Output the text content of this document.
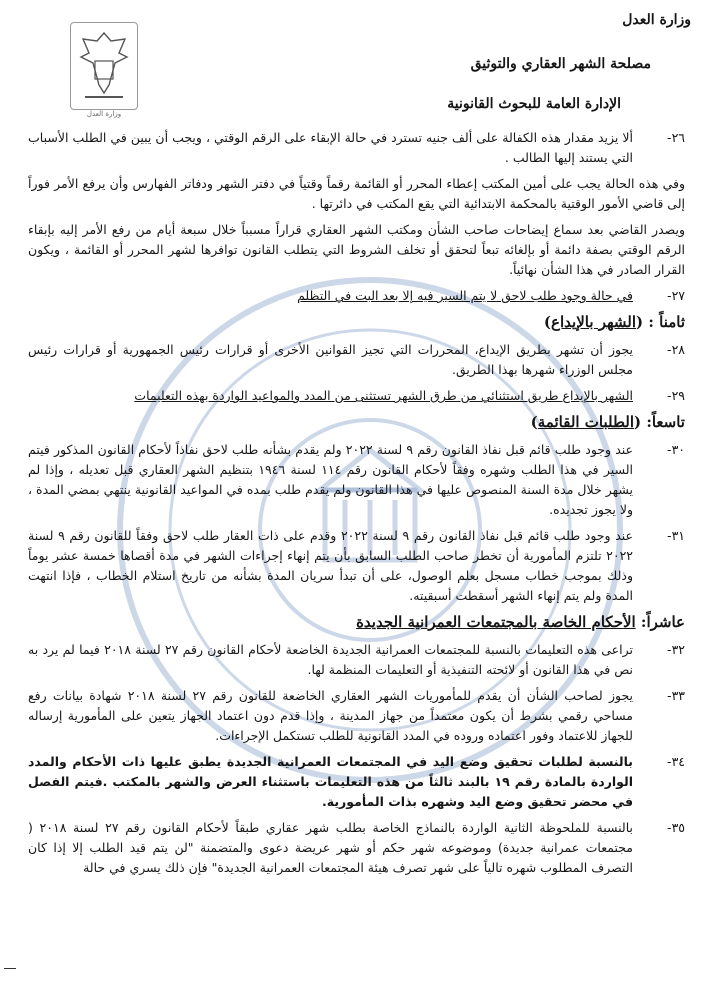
وزارة العدل
مصلحة الشهر العقاري والتوثيق
الإدارة العامة للبحوث القانونية
وزارة العدل
٢٦-
ألا يزيد مقدار هذه الكفالة على ألف جنيه تسترد في حالة الإبقاء على الرقم الوقتي ، ويجب أن يبين في الطلب الأسباب التي يستند إليها الطالب .

وفي هذه الحالة يجب على أمين المكتب إعطاء المحرر أو القائمة رقماً وقتياً في دفتر الشهر ودفاتر الفهارس وأن يرفع الأمر فوراً إلى قاضي الأمور الوقتية بالمحكمة الابتدائية التي يقع المكتب في دائرتها .

ويصدر القاضي بعد سماع إيضاحات صاحب الشأن ومكتب الشهر العقاري قراراً مسبباً خلال سبعة أيام من رفع الأمر إليه بإبقاء الرقم الوقتي بصفة دائمة أو بإلغائه تبعاً لتحقق أو تخلف الشروط التي يتطلب القانون توافرها لشهر المحرر أو القائمة ، ويكون القرار الصادر في هذا الشأن نهائياً.

٢٧-
في حالة وجود طلب لاحق لا يتم السير فيه إلا بعد البت في التظلم

ثامناً : (الشهر بالإيداع)

٢٨-
يجوز أن تشهر بطريق الإيداع، المحررات التي تجيز القوانين الأخرى أو قرارات رئيس الجمهورية أو قرارات رئيس مجلس الوزراء شهرها بهذا الطريق.
٢٩-
الشهر بالإيداع طريق استثنائي من طرق الشهر تستثنى من المدد والمواعيد الواردة بهذه التعليمات

تاسعاً: (الطلبات القائمة)

٣٠-
عند وجود طلب قائم قبل نفاذ القانون رقم ٩ لسنة ٢٠٢٢ ولم يقدم بشأنه طلب لاحق نفاذاً لأحكام القانون المذكور فيتم السير في هذا الطلب وشهره وفقاً لأحكام القانون رقم ١١٤ لسنة ١٩٤٦ بتنظيم الشهر العقاري قبل تعديله ، وإذا لم يشهر خلال مدة السنة المنصوص عليها في هذا القانون ولم يقدم طلب بمده في المواعيد القانونية ينتهي بمضي المدة ، ولا يجوز تجديده.
٣١-
عند وجود طلب قائم قبل نفاذ القانون رقم ٩ لسنة ٢٠٢٢ وقدم على ذات العقار طلب لاحق وفقاً للقانون رقم ٩ لسنة ٢٠٢٢ تلتزم المأمورية أن تخطر صاحب الطلب السابق بأن يتم إنهاء إجراءات الشهر في مدة أقصاها خمسة عشر يوماً وذلك بموجب خطاب مسجل بعلم الوصول، على أن تبدأ سريان المدة بشأنه من تاريخ استلام الخطاب ، فإذا انتهت المدة ولم يتم إنهاء الشهر أسقطت أسبقيته.

عاشراً: الأحكام الخاصة بالمجتمعات العمرانية الجديدة

٣٢-
تراعى هذه التعليمات بالنسبة للمجتمعات العمرانية الجديدة الخاضعة لأحكام القانون رقم ٢٧ لسنة ٢٠١٨ فيما لم يرد به نص في هذا القانون أو لائحته التنفيذية أو التعليمات المنظمة لها.
٣٣-
يجوز لصاحب الشأن أن يقدم للمأموريات الشهر العقاري الخاضعة للقانون رقم ٢٧ لسنة ٢٠١٨ شهادة بيانات رفع مساحي رقمي بشرط أن يكون معتمداً من جهاز المدينة ، وإذا قدم دون اعتماد الجهاز يتعين على المأمورية إرساله للجهاز للاعتماد وفور اعتماده وروده في المدد القانونية للطلب تستكمل الإجراءات.
٣٤-
بالنسبة لطلبات تحقيق وضع اليد في المجتمعات العمرانية الجديدة يطبق عليها ذات الأحكام والمدد الواردة بالمادة رقم ١٩ بالبند ثالثاً من هذه التعليمات باستثناء العرض والشهر بالمكتب .فيتم الفصل في محضر تحقيق وضع اليد وشهره بذات المأمورية.
٣٥-
بالنسبة للملحوظة الثانية الواردة بالنماذج الخاصة بطلب شهر عقاري طبقاً لأحكام القانون رقم ٢٧ لسنة ٢٠١٨ ( مجتمعات عمرانية جديدة) وموضوعه شهر حكم أو شهر عريضة دعوى والمتضمنة "لن يتم قيد الطلب إلا إذا كان التصرف المطلوب شهره تالياً على شهر تصرف هيئة المجتمعات العمرانية الجديدة" فإن ذلك يسري في حالة
